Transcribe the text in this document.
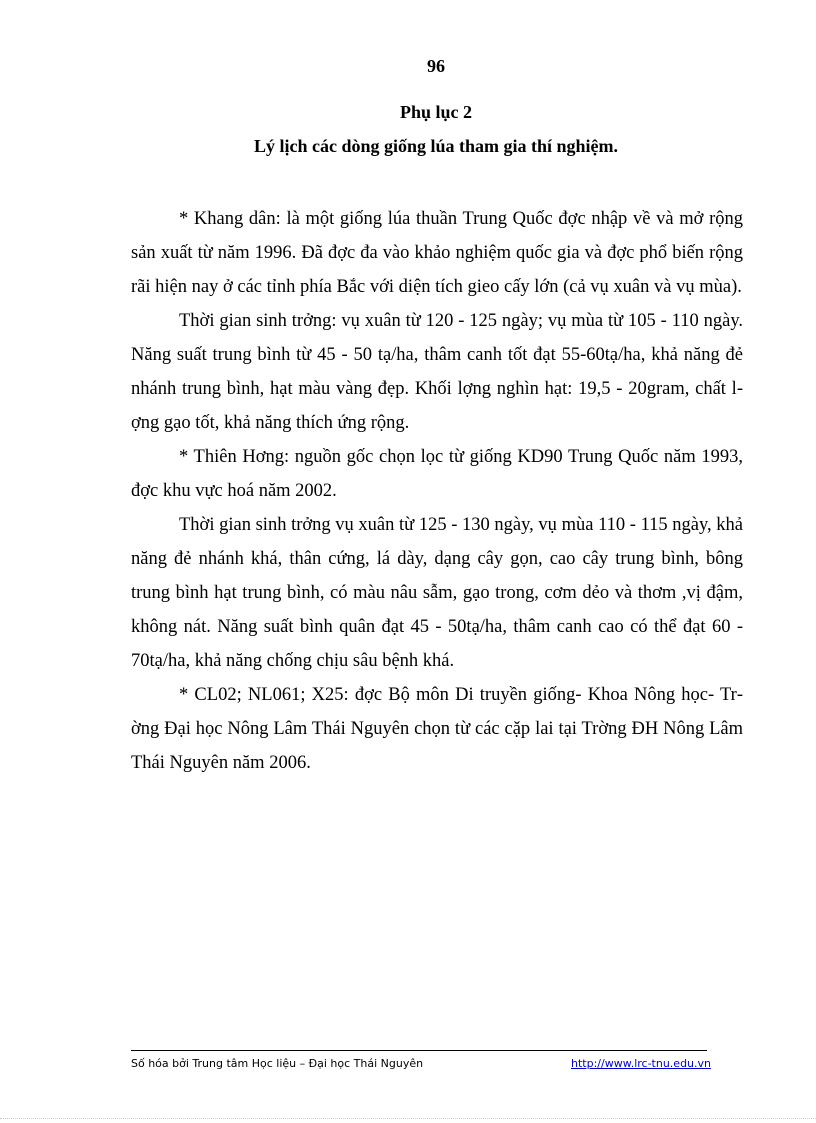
96
Phụ lục 2
Lý lịch các dòng giống lúa tham gia thí nghiệm.

* Khang dân: là một giống lúa thuần Trung Quốc đợc nhập về và mở rộng sản xuất từ năm 1996. Đã đợc đa vào khảo nghiệm quốc gia và đợc phổ biến rộng rãi hiện nay ở các tỉnh phía Bắc với diện tích gieo cấy lớn (cả vụ xuân và vụ mùa).

Thời gian sinh trởng: vụ xuân từ 120 - 125 ngày; vụ mùa từ 105 - 110 ngày. Năng suất trung bình từ 45 - 50 tạ/ha, thâm canh tốt đạt 55-60tạ/ha, khả năng đẻ nhánh trung bình, hạt màu vàng đẹp. Khối lợng nghìn hạt: 19,5 - 20gram, chất lợng gạo tốt, khả năng thích ứng rộng.

* Thiên Hơng: nguồn gốc chọn lọc từ giống KD90 Trung Quốc năm 1993, đợc khu vực hoá năm 2002.

Thời gian sinh trởng vụ xuân từ 125 - 130 ngày, vụ mùa 110 - 115 ngày, khả năng đẻ nhánh khá, thân cứng, lá dày, dạng cây gọn, cao cây trung bình, bông trung bình hạt trung bình, có màu nâu sẫm, gạo trong, cơm dẻo và thơm ,vị đậm, không nát. Năng suất bình quân đạt 45 - 50tạ/ha, thâm canh cao có thể đạt 60 - 70tạ/ha, khả năng chống chịu sâu bệnh khá.

* CL02; NL061; X25: đợc Bộ môn Di truyền giống- Khoa Nông học- Trờng Đại học Nông Lâm Thái Nguyên chọn từ các cặp lai tại Trờng ĐH Nông Lâm Thái Nguyên năm 2006.

Số hóa bởi Trung tâm Học liệu – Đại học Thái Nguyên	http://www.lrc-tnu.edu.vn
